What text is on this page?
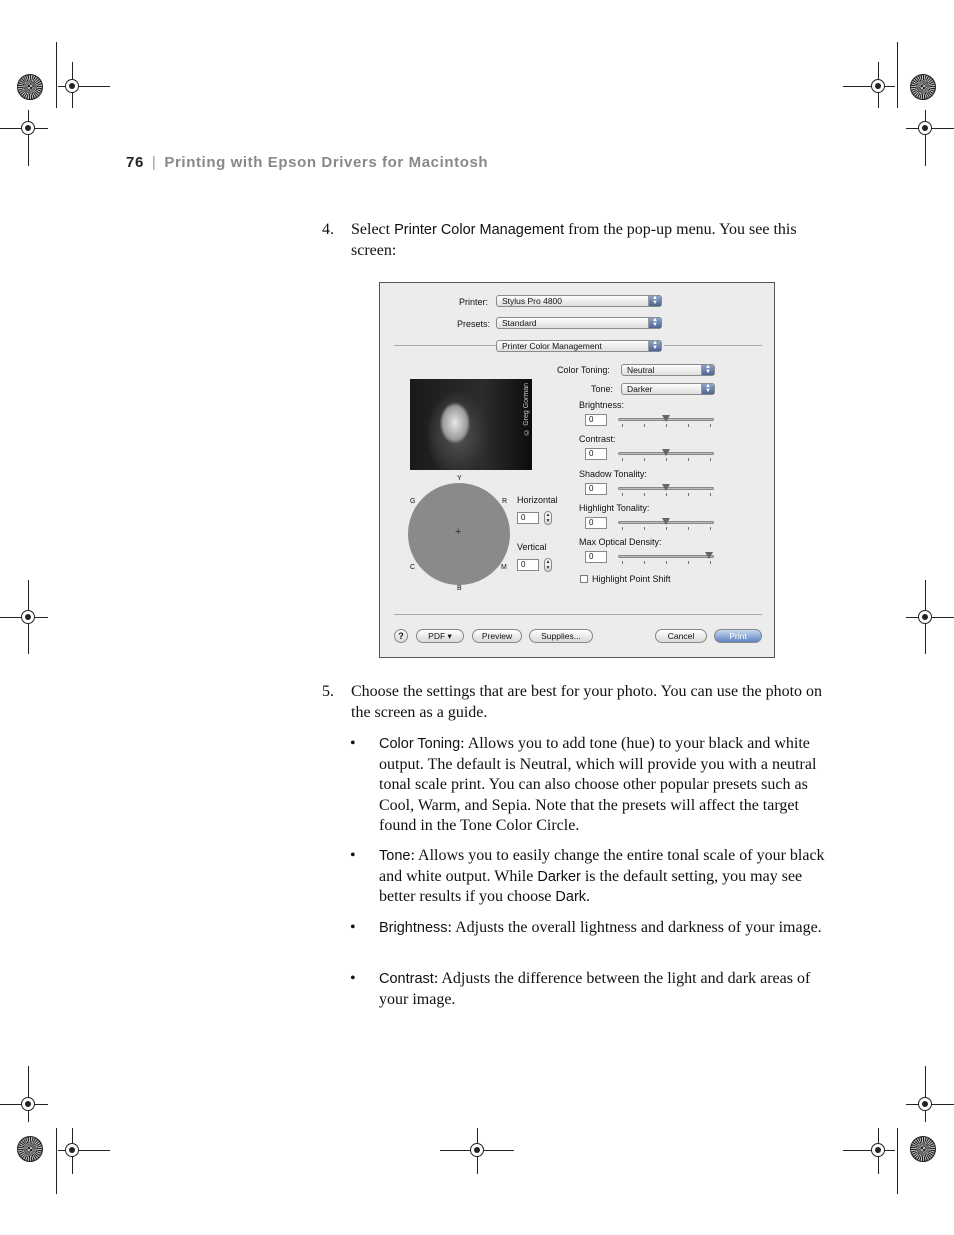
76 | Printing with Epson Drivers for Macintosh
4. Select Printer Color Management from the pop-up menu. You see this screen:
Printer:	Stylus Pro 4800	▲
▼
Presets:	Standard	▲
▼
Printer Color Management	▲
▼
Color Toning:	Neutral	▲
▼
Tone:	Darker	▲
▼
© Greg Gorman
Y
G	R
C	M
B
+
Horizontal
0	▲
▼
Vertical
0	▲
▼
Brightness:
0
Contrast:
0
Shadow Tonality:
0
Highlight Tonality:
0
Max Optical Density:
0
Highlight Point Shift
?	PDF ▾	Preview	Supplies...	Cancel	Print
5. Choose the settings that are best for your photo. You can use the photo on the screen as a guide.
• Color Toning: Allows you to add tone (hue) to your black and white output. The default is Neutral, which will provide you with a neutral tonal scale print. You can also choose other popular presets such as Cool, Warm, and Sepia. Note that the presets will affect the target found in the Tone Color Circle.
• Tone: Allows you to easily change the entire tonal scale of your black and white output. While Darker is the default setting, you may see better results if you choose Dark.
• Brightness: Adjusts the overall lightness and darkness of your image.
• Contrast: Adjusts the difference between the light and dark areas of your image.
